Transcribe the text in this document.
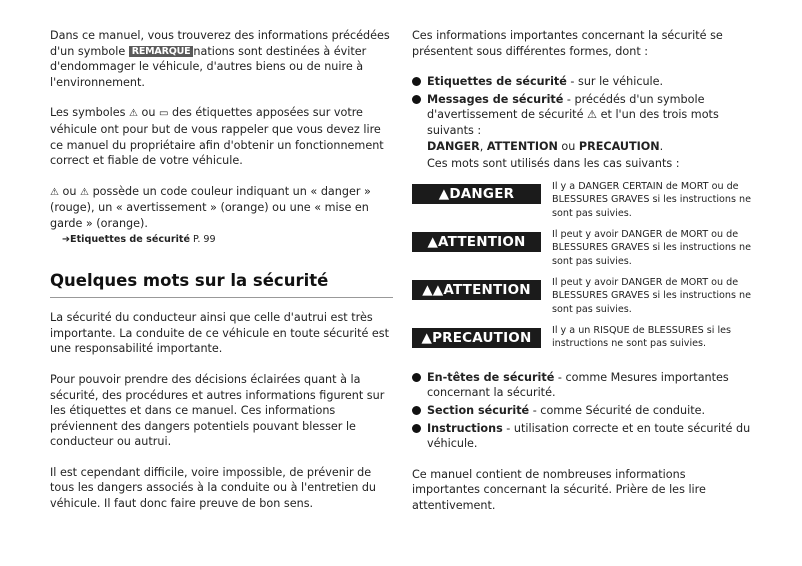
Dans ce manuel, vous trouverez des informations précédées d'un symbole REMARQUE nations sont destinées à éviter d'endommager le véhicule, d'autres biens ou de nuire à l'environnement.

Les symboles ⚠ ou ▭ des étiquettes apposées sur votre véhicule ont pour but de vous rappeler que vous devez lire ce manuel du propriétaire afin d'obtenir un fonctionnement correct et fiable de votre véhicule.

⚠ ou ⚠ possède un code couleur indiquant un « danger » (rouge), un « avertissement » (orange) ou une « mise en garde » (orange).

➔Etiquettes de sécurité P. 99
Quelques mots sur la sécurité

La sécurité du conducteur ainsi que celle d'autrui est très importante. La conduite de ce véhicule en toute sécurité est une responsabilité importante.

Pour pouvoir prendre des décisions éclairées quant à la sécurité, des procédures et autres informations figurent sur les étiquettes et dans ce manuel. Ces informations préviennent des dangers potentiels pouvant blesser le conducteur ou autrui.

Il est cependant difficile, voire impossible, de prévenir de tous les dangers associés à la conduite ou à l'entretien du véhicule. Il faut donc faire preuve de bon sens.

Ces informations importantes concernant la sécurité se présentent sous différentes formes, dont :

Etiquettes de sécurité - sur le véhicule.
Messages de sécurité - précédés d'un symbole d'avertissement de sécurité ⚠ et l'un des trois mots suivants :
DANGER, ATTENTION ou PRECAUTION.

Ces mots sont utilisés dans les cas suivants :

▲DANGER	Il y a DANGER CERTAIN de MORT ou de BLESSURES GRAVES si les instructions ne sont pas suivies.
▲ATTENTION	Il peut y avoir DANGER de MORT ou de BLESSURES GRAVES si les instructions ne sont pas suivies.
▲▲ATTENTION	Il peut y avoir DANGER de MORT ou de BLESSURES GRAVES si les instructions ne sont pas suivies.
▲PRECAUTION	Il y a un RISQUE de BLESSURES si les instructions ne sont pas suivies.
En-têtes de sécurité - comme Mesures importantes concernant la sécurité.
Section sécurité - comme Sécurité de conduite.
Instructions - utilisation correcte et en toute sécurité du véhicule.

Ce manuel contient de nombreuses informations importantes concernant la sécurité. Prière de les lire attentivement.
